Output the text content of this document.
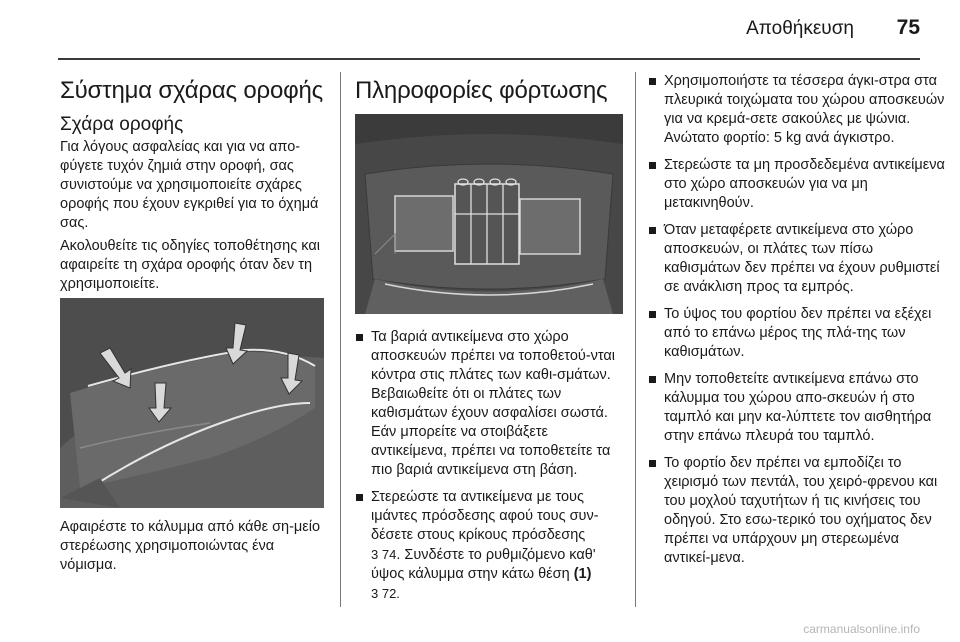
Αποθήκευση 75
Σύστημα σχάρας οροφής
Σχάρα οροφής

Για λόγους ασφαλείας και για να απο-φύγετε τυχόν ζημιά στην οροφή, σας συνιστούμε να χρησιμοποιείτε σχάρες οροφής που έχουν εγκριθεί για το όχημά σας.

Ακολουθείτε τις οδηγίες τοποθέτησης και αφαιρείτε τη σχάρα οροφής όταν δεν τη χρησιμοποιείτε.

Αφαιρέστε το κάλυμμα από κάθε ση-μείο στερέωσης χρησιμοποιώντας ένα νόμισμα.

Πληροφορίες φόρτωσης
Τα βαριά αντικείμενα στο χώρο αποσκευών πρέπει να τοποθετού-νται κόντρα στις πλάτες των καθι-σμάτων. Βεβαιωθείτε ότι οι πλάτες των καθισμάτων έχουν ασφαλίσει σωστά. Εάν μπορείτε να στοιβάξετε αντικείμενα, πρέπει να τοποθετείτε τα πιο βαριά αντικείμενα στη βάση.
Στερεώστε τα αντικείμενα με τους ιμάντες πρόσδεσης αφού τους συν-δέσετε στους κρίκους πρόσδεσης
3 74. Συνδέστε το ρυθμιζόμενο καθ' ύψος κάλυμμα στην κάτω θέση (1)
3 72.
Χρησιμοποιήστε τα τέσσερα άγκι-στρα στα πλευρικά τοιχώματα του χώρου αποσκευών για να κρεμά-σετε σακούλες με ψώνια. Ανώτατο φορτίο: 5 kg ανά άγκιστρο.
Στερεώστε τα μη προσδεδεμένα αντικείμενα στο χώρο αποσκευών για να μη μετακινηθούν.
Όταν μεταφέρετε αντικείμενα στο χώρο αποσκευών, οι πλάτες των πίσω καθισμάτων δεν πρέπει να έχουν ρυθμιστεί σε ανάκλιση προς τα εμπρός.
Το ύψος του φορτίου δεν πρέπει να εξέχει από το επάνω μέρος της πλά-της των καθισμάτων.
Μην τοποθετείτε αντικείμενα επάνω στο κάλυμμα του χώρου απο-σκευών ή στο ταμπλό και μην κα-λύπτετε τον αισθητήρα στην επάνω πλευρά του ταμπλό.
Το φορτίο δεν πρέπει να εμποδίζει το χειρισμό των πεντάλ, του χειρό-φρενου και του μοχλού ταχυτήτων ή τις κινήσεις του οδηγού. Στο εσω-τερικό του οχήματος δεν πρέπει να υπάρχουν μη στερεωμένα αντικεί-μενα.
carmanualsonline.info
